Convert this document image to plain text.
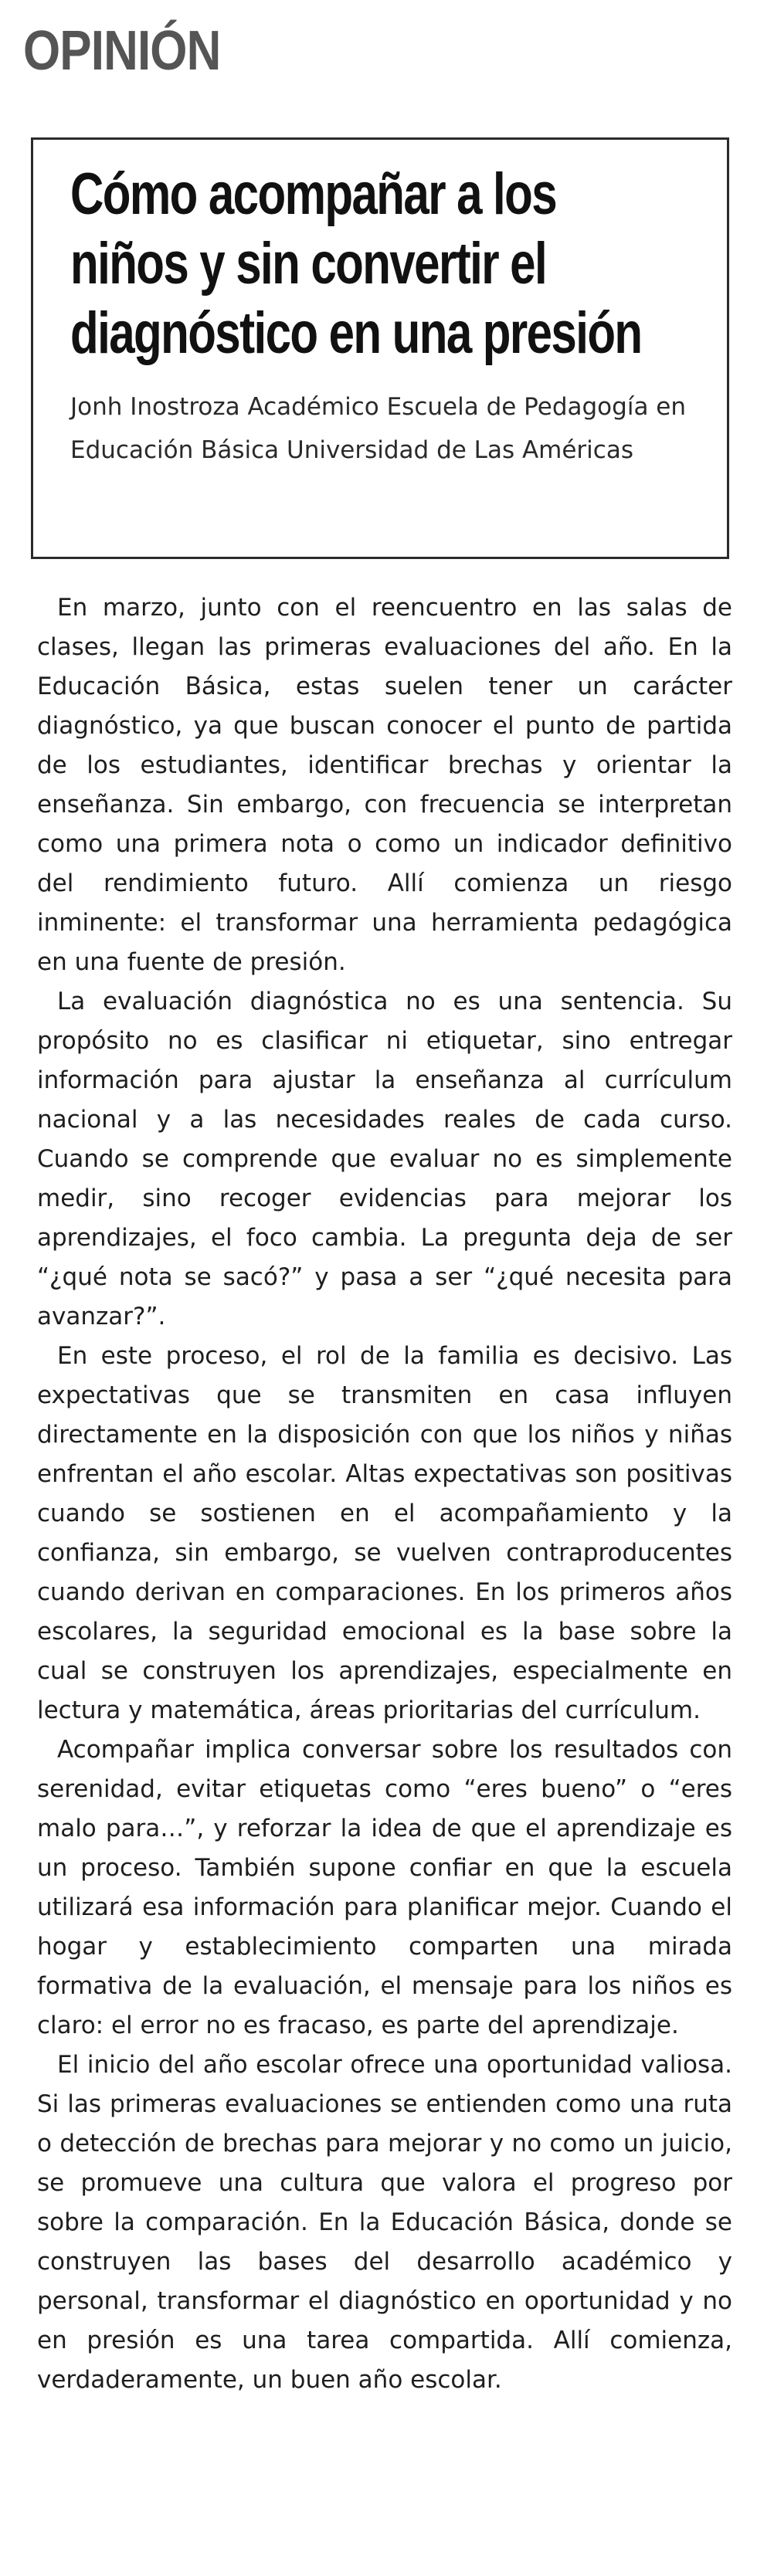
OPINIÓN
Cómo acompañar a los
niños y sin convertir el
diagnóstico en una presión

Jonh Inostroza Académico Escuela de Pedagogía en Educación Básica Universidad de Las Américas

En marzo, junto con el reencuentro en las salas de clases, llegan las primeras evaluaciones del año. En la Educación Básica, estas suelen tener un carácter diagnóstico, ya que buscan conocer el punto de partida de los estudiantes, identificar brechas y orientar la enseñanza. Sin embargo, con frecuencia se interpretan como una primera nota o como un indicador definitivo del rendimiento futuro. Allí comienza un riesgo inminente: el transformar una herramienta pedagógica en una fuente de presión.

La evaluación diagnóstica no es una sentencia. Su propósito no es clasificar ni etiquetar, sino entregar información para ajustar la enseñanza al currículum nacional y a las necesidades reales de cada curso. Cuando se comprende que evaluar no es simplemente medir, sino recoger evidencias para mejorar los aprendizajes, el foco cambia. La pregunta deja de ser “¿qué nota se sacó?” y pasa a ser “¿qué necesita para avanzar?”.

En este proceso, el rol de la familia es decisivo. Las expectativas que se transmiten en casa influyen directamente en la disposición con que los niños y niñas enfrentan el año escolar. Altas expectativas son positivas cuando se sostienen en el acompañamiento y la confianza, sin embargo, se vuelven contraproducentes cuando derivan en comparaciones. En los primeros años escolares, la seguridad emocional es la base sobre la cual se construyen los aprendizajes, especialmente en lectura y matemática, áreas prioritarias del currículum.

Acompañar implica conversar sobre los resultados con serenidad, evitar etiquetas como “eres bueno” o “eres malo para…”, y reforzar la idea de que el aprendizaje es un proceso. También supone confiar en que la escuela utilizará esa información para planificar mejor. Cuando el hogar y establecimiento comparten una mirada formativa de la evaluación, el mensaje para los niños es claro: el error no es fracaso, es parte del aprendizaje.

El inicio del año escolar ofrece una oportunidad valiosa. Si las primeras evaluaciones se entienden como una ruta o detección de brechas para mejorar y no como un juicio, se promueve una cultura que valora el progreso por sobre la comparación. En la Educación Básica, donde se construyen las bases del desarrollo académico y personal, transformar el diagnóstico en oportunidad y no en presión es una tarea compartida. Allí comienza, verdaderamente, un buen año escolar.
